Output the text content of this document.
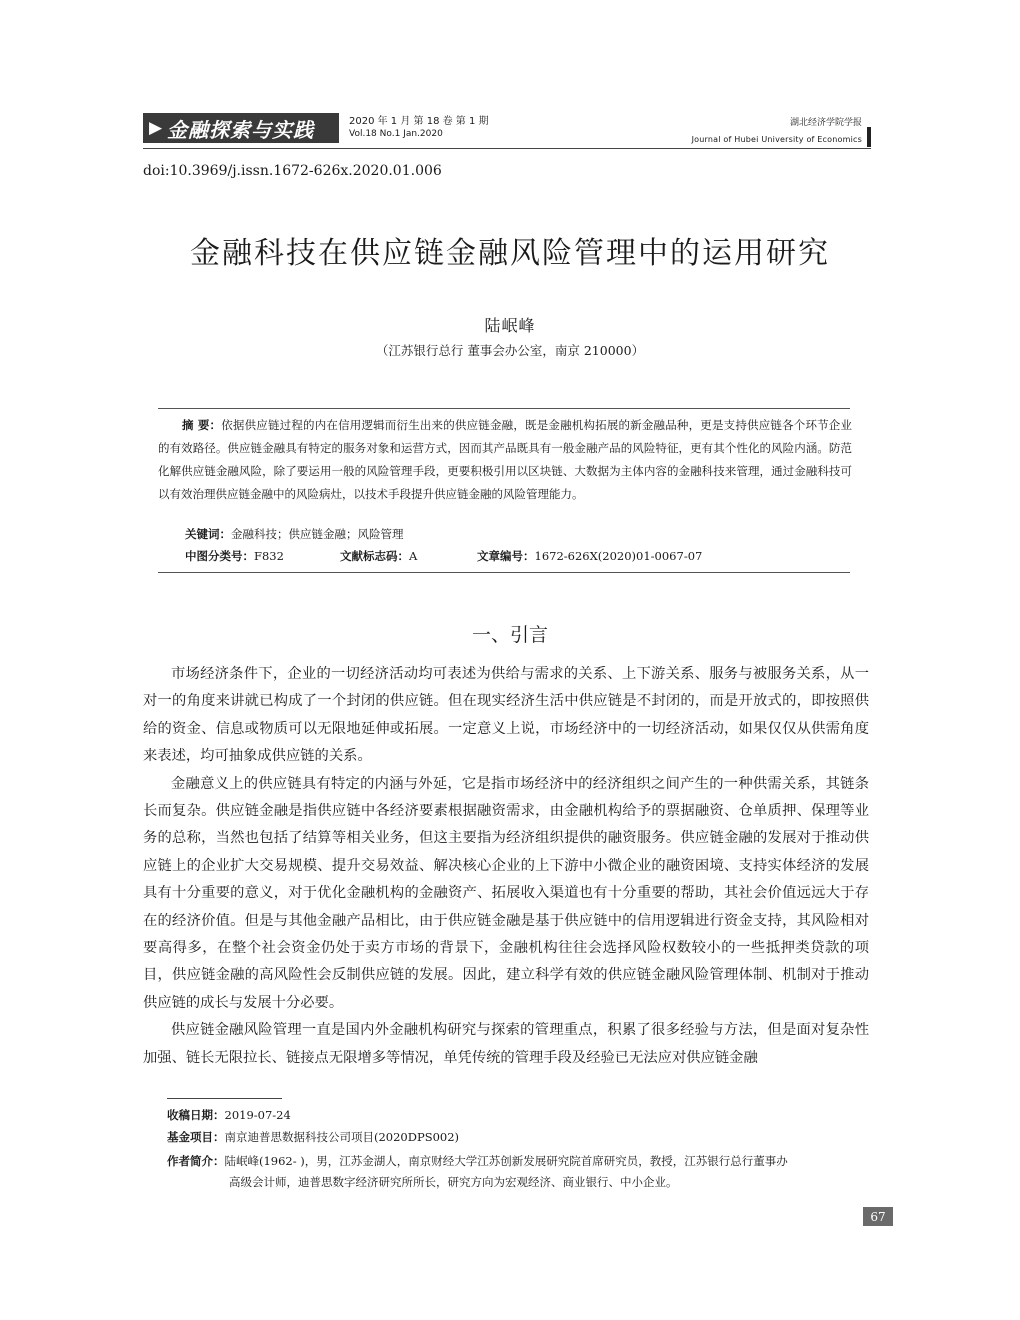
▶ 金融探索与实践	2020 年 1 月 第 18 卷 第 1 期
Vol.18 No.1 Jan.2020
湖北经济学院学报
Journal of Hubei University of Economics
doi:10.3969/j.issn.1672-626x.2020.01.006
金融科技在供应链金融风险管理中的运用研究
陆岷峰
（江苏银行总行 董事会办公室，南京 210000）
摘 要：依据供应链过程的内在信用逻辑而衍生出来的供应链金融，既是金融机构拓展的新金融品种，更是支持供应链各个环节企业的有效路径。供应链金融具有特定的服务对象和运营方式，因而其产品既具有一般金融产品的风险特征，更有其个性化的风险内涵。防范化解供应链金融风险，除了要运用一般的风险管理手段，更要积极引用以区块链、大数据为主体内容的金融科技来管理，通过金融科技可以有效治理供应链金融中的风险病灶，以技术手段提升供应链金融的风险管理能力。
关键词：金融科技；供应链金融；风险管理
中图分类号：F832	文献标志码：A	文章编号：1672-626X(2020)01-0067-07
一、引言

市场经济条件下，企业的一切经济活动均可表述为供给与需求的关系、上下游关系、服务与被服务关系，从一对一的角度来讲就已构成了一个封闭的供应链。但在现实经济生活中供应链是不封闭的，而是开放式的，即按照供给的资金、信息或物质可以无限地延伸或拓展。一定意义上说，市场经济中的一切经济活动，如果仅仅从供需角度来表述，均可抽象成供应链的关系。

金融意义上的供应链具有特定的内涵与外延，它是指市场经济中的经济组织之间产生的一种供需关系，其链条长而复杂。供应链金融是指供应链中各经济要素根据融资需求，由金融机构给予的票据融资、仓单质押、保理等业务的总称，当然也包括了结算等相关业务，但这主要指为经济组织提供的融资服务。供应链金融的发展对于推动供应链上的企业扩大交易规模、提升交易效益、解决核心企业的上下游中小微企业的融资困境、支持实体经济的发展具有十分重要的意义，对于优化金融机构的金融资产、拓展收入渠道也有十分重要的帮助，其社会价值远远大于存在的经济价值。但是与其他金融产品相比，由于供应链金融是基于供应链中的信用逻辑进行资金支持，其风险相对要高得多，在整个社会资金仍处于卖方市场的背景下，金融机构往往会选择风险权数较小的一些抵押类贷款的项目，供应链金融的高风险性会反制供应链的发展。因此，建立科学有效的供应链金融风险管理体制、机制对于推动供应链的成长与发展十分必要。

供应链金融风险管理一直是国内外金融机构研究与探索的管理重点，积累了很多经验与方法，但是面对复杂性加强、链长无限拉长、链接点无限增多等情况，单凭传统的管理手段及经验已无法应对供应链金融

收稿日期：2019-07-24
基金项目：南京迪普思数据科技公司项目(2020DPS002)
作者简介：陆岷峰(1962- )，男，江苏金湖人，南京财经大学江苏创新发展研究院首席研究员，教授，江苏银行总行董事办
高级会计师，迪普思数字经济研究所所长，研究方向为宏观经济、商业银行、中小企业。
67
